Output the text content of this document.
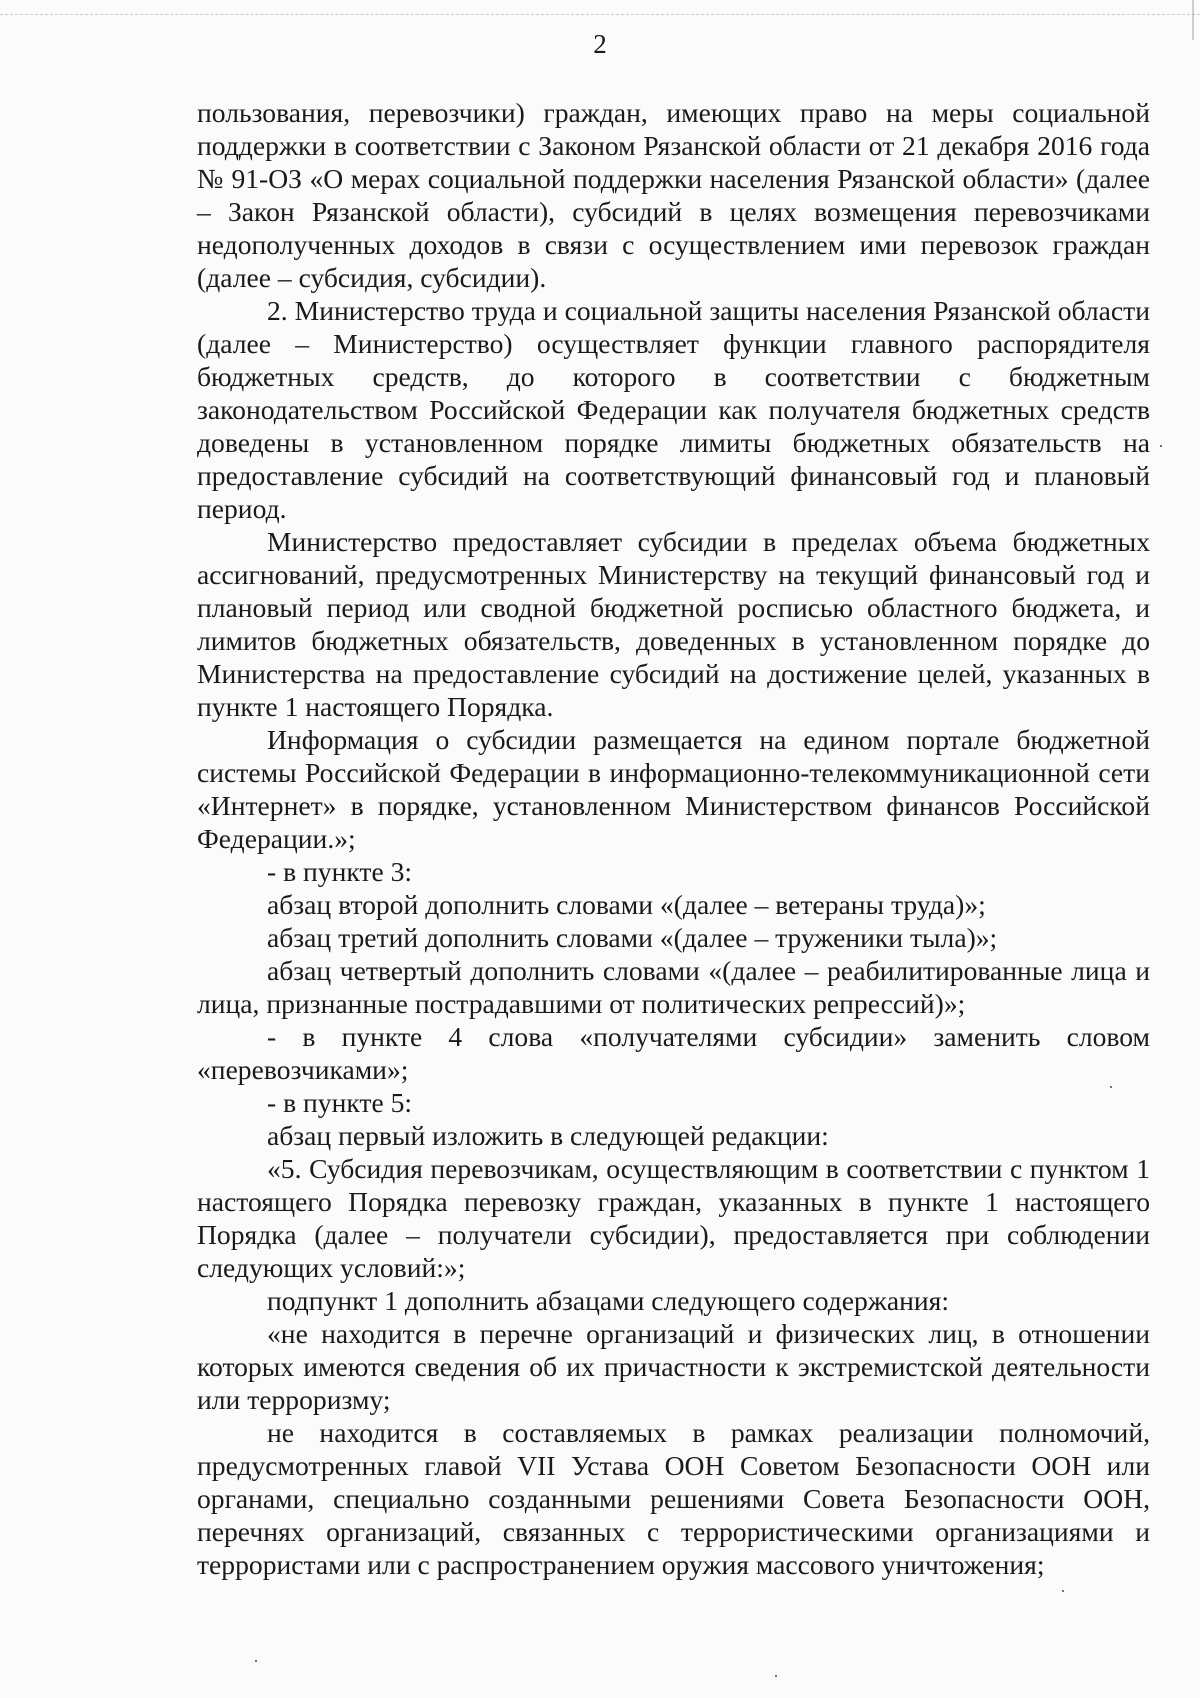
2

пользования, перевозчики) граждан, имеющих право на меры социальной поддержки в соответствии с Законом Рязанской области от 21 декабря 2016 года № 91-ОЗ «О мерах социальной поддержки населения Рязанской области» (далее – Закон Рязанской области), субсидий в целях возмещения перевозчиками недополученных доходов в связи с осуществлением ими перевозок граждан (далее – субсидия, субсидии).

2. Министерство труда и социальной защиты населения Рязанской области (далее – Министерство) осуществляет функции главного распорядителя бюджетных средств, до которого в соответствии с бюджетным законодательством Российской Федерации как получателя бюджетных средств доведены в установленном порядке лимиты бюджетных обязательств на предоставление субсидий на соответствующий финансовый год и плановый период.

Министерство предоставляет субсидии в пределах объема бюджетных ассигнований, предусмотренных Министерству на текущий финансовый год и плановый период или сводной бюджетной росписью областного бюджета, и лимитов бюджетных обязательств, доведенных в установленном порядке до Министерства на предоставление субсидий на достижение целей, указанных в пункте 1 настоящего Порядка.

Информация о субсидии размещается на едином портале бюджетной системы Российской Федерации в информационно-телекоммуникационной сети «Интернет» в порядке, установленном Министерством финансов Российской Федерации.»;

- в пункте 3:

абзац второй дополнить словами «(далее – ветераны труда)»;

абзац третий дополнить словами «(далее – труженики тыла)»;

абзац четвертый дополнить словами «(далее – реабилитированные лица и лица, признанные пострадавшими от политических репрессий)»;

- в пункте 4 слова «получателями субсидии» заменить словом «перевозчиками»;

- в пункте 5:

абзац первый изложить в следующей редакции:

«5. Субсидия перевозчикам, осуществляющим в соответствии с пунктом 1 настоящего Порядка перевозку граждан, указанных в пункте 1 настоящего Порядка (далее – получатели субсидии), предоставляется при соблюдении следующих условий:»;

подпункт 1 дополнить абзацами следующего содержания:

«не находится в перечне организаций и физических лиц, в отношении которых имеются сведения об их причастности к экстремистской деятельности или терроризму;

не находится в составляемых в рамках реализации полномочий, предусмотренных главой VII Устава ООН Советом Безопасности ООН или органами, специально созданными решениями Совета Безопасности ООН, перечнях организаций, связанных с террористическими организациями и террористами или с распространением оружия массового уничтожения;
